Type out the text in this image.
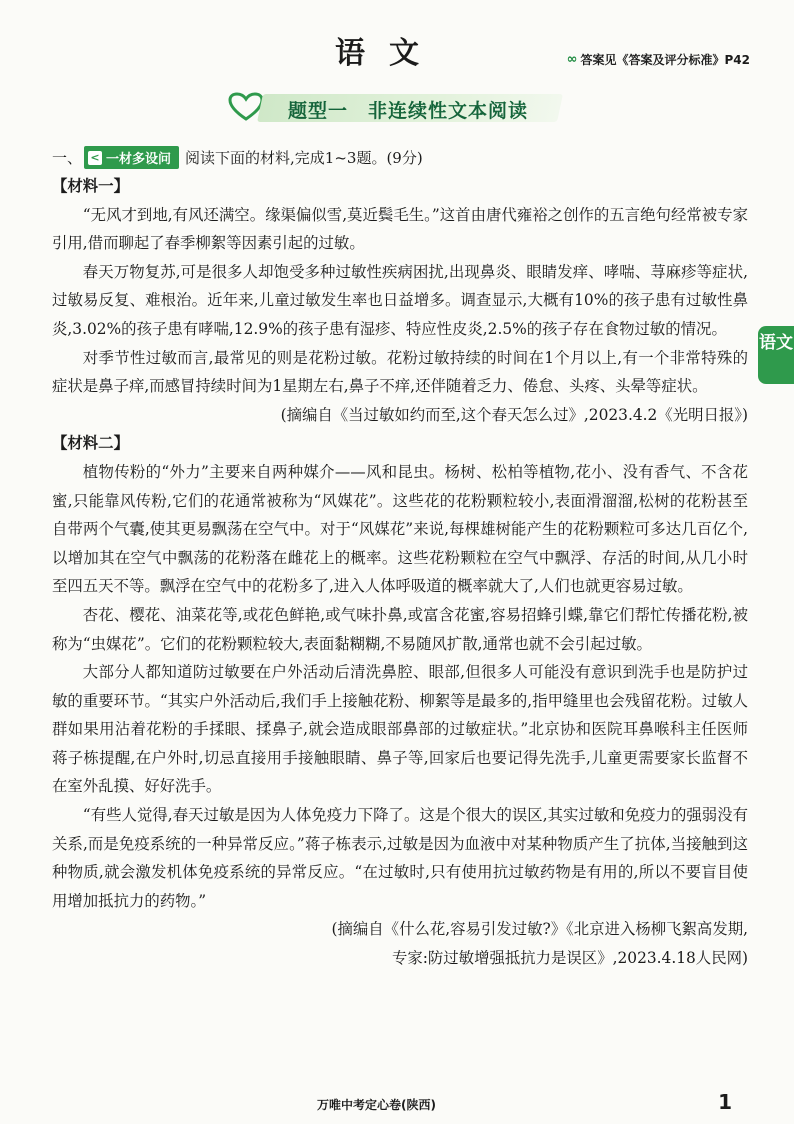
语文	∞ 答案见《答案及评分标准》P42
题型一　非连续性文本阅读
一、 < 一材多设问 阅读下面的材料,完成1~3题。(9分)

【材料一】

“无风才到地,有风还满空。缘渠偏似雪,莫近鬓毛生。”这首由唐代雍裕之创作的五言绝句经常被专家引用,借而聊起了春季柳絮等因素引起的过敏。

春天万物复苏,可是很多人却饱受多种过敏性疾病困扰,出现鼻炎、眼睛发痒、哮喘、荨麻疹等症状,过敏易反复、难根治。近年来,儿童过敏发生率也日益增多。调查显示,大概有10%的孩子患有过敏性鼻炎,3.02%的孩子患有哮喘,12.9%的孩子患有湿疹、特应性皮炎,2.5%的孩子存在食物过敏的情况。

对季节性过敏而言,最常见的则是花粉过敏。花粉过敏持续的时间在1个月以上,有一个非常特殊的症状是鼻子痒,而感冒持续时间为1星期左右,鼻子不痒,还伴随着乏力、倦怠、头疼、头晕等症状。

(摘编自《当过敏如约而至,这个春天怎么过》,2023.4.2《光明日报》)

【材料二】

植物传粉的“外力”主要来自两种媒介——风和昆虫。杨树、松柏等植物,花小、没有香气、不含花蜜,只能靠风传粉,它们的花通常被称为“风媒花”。这些花的花粉颗粒较小,表面滑溜溜,松树的花粉甚至自带两个气囊,使其更易飘荡在空气中。对于“风媒花”来说,每棵雄树能产生的花粉颗粒可多达几百亿个,以增加其在空气中飘荡的花粉落在雌花上的概率。这些花粉颗粒在空气中飘浮、存活的时间,从几小时至四五天不等。飘浮在空气中的花粉多了,进入人体呼吸道的概率就大了,人们也就更容易过敏。

杏花、樱花、油菜花等,或花色鲜艳,或气味扑鼻,或富含花蜜,容易招蜂引蝶,靠它们帮忙传播花粉,被称为“虫媒花”。它们的花粉颗粒较大,表面黏糊糊,不易随风扩散,通常也就不会引起过敏。

大部分人都知道防过敏要在户外活动后清洗鼻腔、眼部,但很多人可能没有意识到洗手也是防护过敏的重要环节。“其实户外活动后,我们手上接触花粉、柳絮等是最多的,指甲缝里也会残留花粉。过敏人群如果用沾着花粉的手揉眼、揉鼻子,就会造成眼部鼻部的过敏症状。”北京协和医院耳鼻喉科主任医师蒋子栋提醒,在户外时,切忌直接用手接触眼睛、鼻子等,回家后也要记得先洗手,儿童更需要家长监督不在室外乱摸、好好洗手。

“有些人觉得,春天过敏是因为人体免疫力下降了。这是个很大的误区,其实过敏和免疫力的强弱没有关系,而是免疫系统的一种异常反应。”蒋子栋表示,过敏是因为血液中对某种物质产生了抗体,当接触到这种物质,就会激发机体免疫系统的异常反应。“在过敏时,只有使用抗过敏药物是有用的,所以不要盲目使用增加抵抗力的药物。”

(摘编自《什么花,容易引发过敏?》《北京进入杨柳飞絮高发期,

专家:防过敏增强抵抗力是误区》,2023.4.18人民网)

语文
万唯中考定心卷(陕西)	1
